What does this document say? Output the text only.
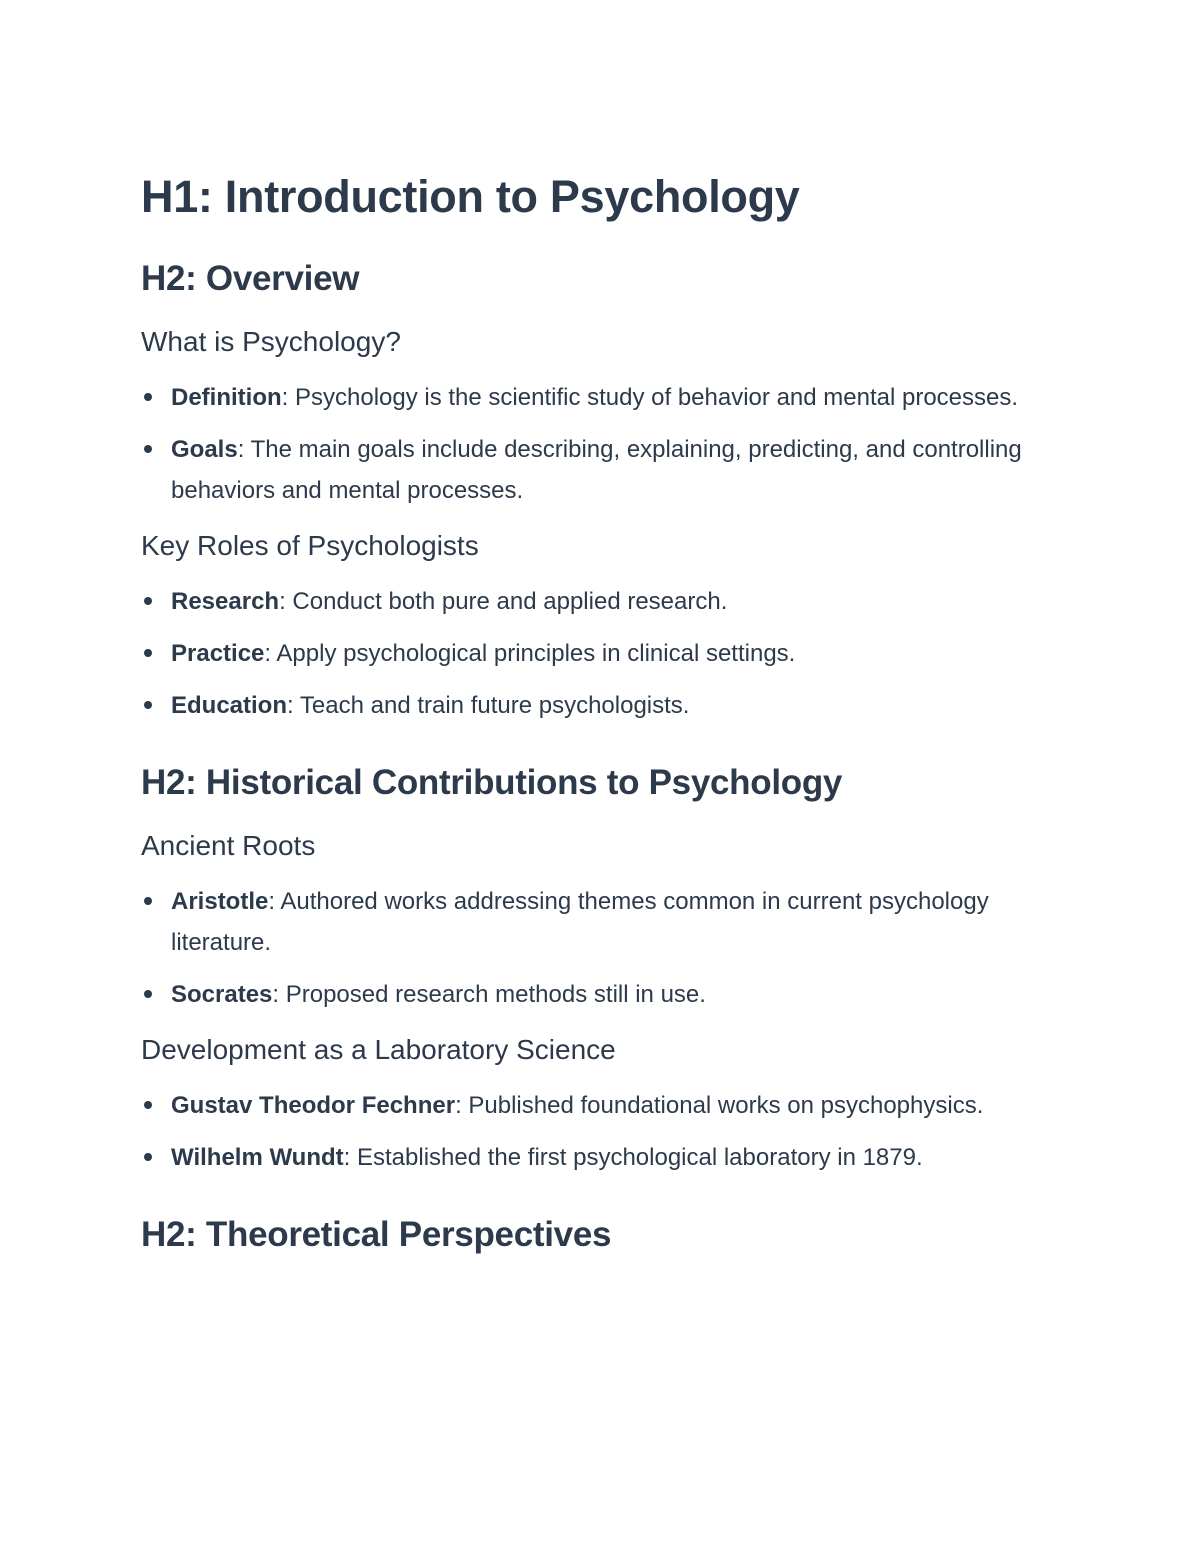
H1: Introduction to Psychology
H2: Overview
What is Psychology?
Definition: Psychology is the scientific study of behavior and mental processes.
Goals: The main goals include describing, explaining, predicting, and controlling behaviors and mental processes.
Key Roles of Psychologists
Research: Conduct both pure and applied research.
Practice: Apply psychological principles in clinical settings.
Education: Teach and train future psychologists.
H2: Historical Contributions to Psychology
Ancient Roots
Aristotle: Authored works addressing themes common in current psychology literature.
Socrates: Proposed research methods still in use.
Development as a Laboratory Science
Gustav Theodor Fechner: Published foundational works on psychophysics.
Wilhelm Wundt: Established the first psychological laboratory in 1879.
H2: Theoretical Perspectives
